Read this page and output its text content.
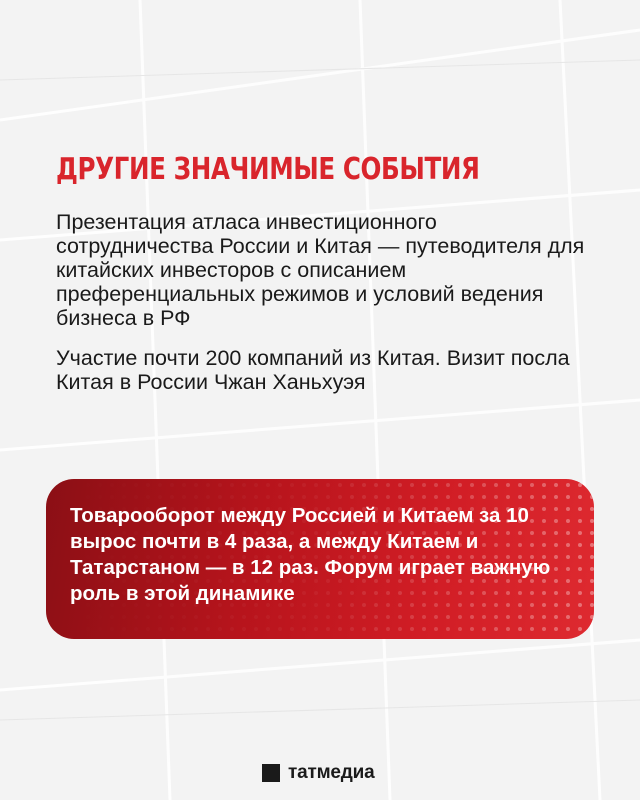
ДРУГИЕ ЗНАЧИМЫЕ СОБЫТИЯ

Презентация атласа инвестиционного сотрудничества России и Китая — путеводителя для китайских инвесторов с описанием преференциальных режимов и условий ведения бизнеса в РФ

Участие почти 200 компаний из Китая. Визит посла Китая в России Чжан Ханьхуэя

Товарооборот между Россией и Китаем за 10 вырос почти в 4 раза, а между Китаем и Татарстаном — в 12 раз. Форум играет важную роль в этой динамике

татмедиа
